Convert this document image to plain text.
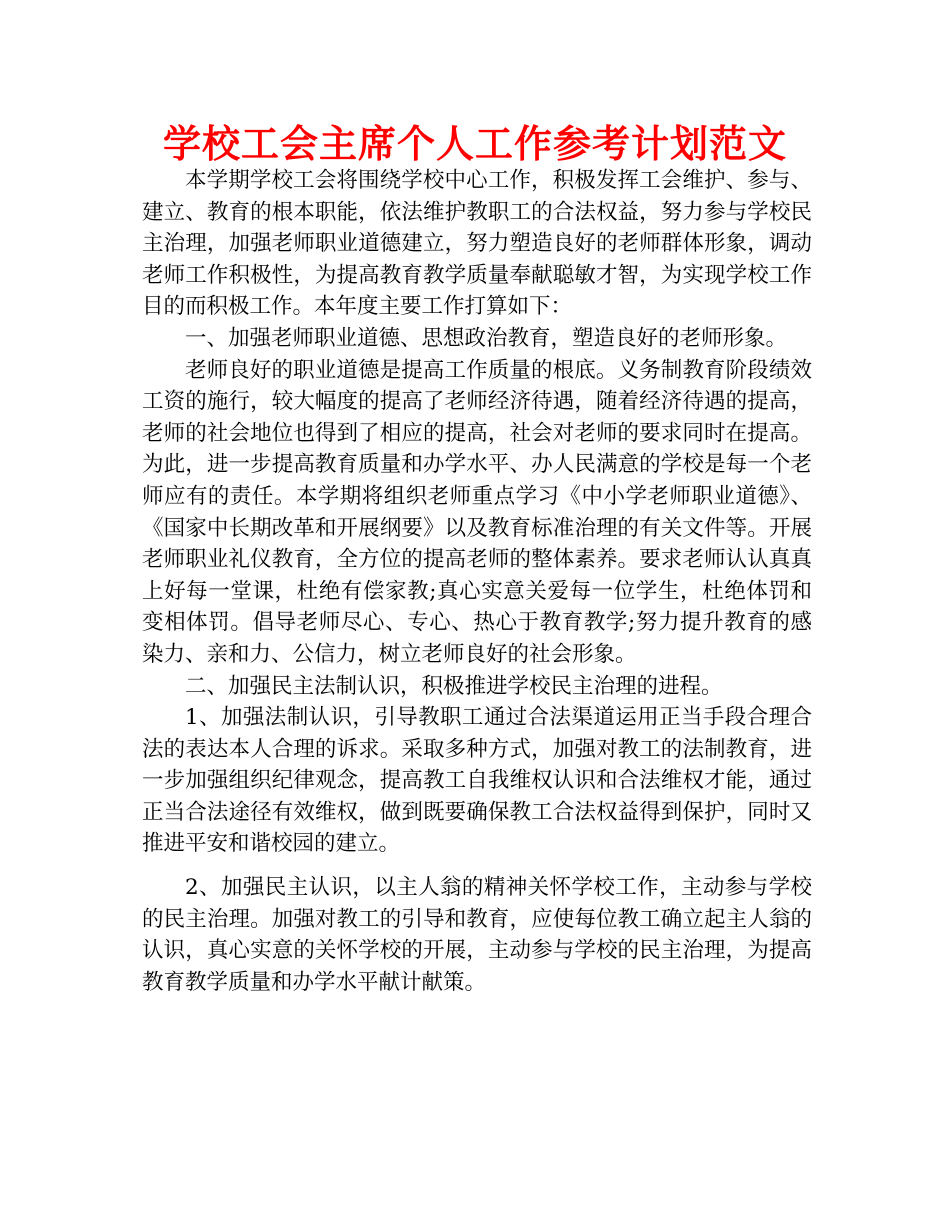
学校工会主席个人工作参考计划范文

本学期学校工会将围绕学校中心工作，积极发挥工会维护、参与、建立、教育的根本职能，依法维护教职工的合法权益，努力参与学校民主治理，加强老师职业道德建立，努力塑造良好的老师群体形象，调动老师工作积极性，为提高教育教学质量奉献聪敏才智，为实现学校工作目的而积极工作。本年度主要工作打算如下：

一、加强老师职业道德、思想政治教育，塑造良好的老师形象。

老师良好的职业道德是提高工作质量的根底。义务制教育阶段绩效工资的施行，较大幅度的提高了老师经济待遇，随着经济待遇的提高，老师的社会地位也得到了相应的提高，社会对老师的要求同时在提高。为此，进一步提高教育质量和办学水平、办人民满意的学校是每一个老师应有的责任。本学期将组织老师重点学习《中小学老师职业道德》、《国家中长期改革和开展纲要》以及教育标准治理的有关文件等。开展老师职业礼仪教育，全方位的提高老师的整体素养。要求老师认认真真上好每一堂课，杜绝有偿家教;真心实意关爱每一位学生，杜绝体罚和变相体罚。倡导老师尽心、专心、热心于教育教学;努力提升教育的感染力、亲和力、公信力，树立老师良好的社会形象。

二、加强民主法制认识，积极推进学校民主治理的进程。

1、加强法制认识，引导教职工通过合法渠道运用正当手段合理合法的表达本人合理的诉求。采取多种方式，加强对教工的法制教育，进一步加强组织纪律观念，提高教工自我维权认识和合法维权才能，通过正当合法途径有效维权，做到既要确保教工合法权益得到保护，同时又推进平安和谐校园的建立。

2、加强民主认识，以主人翁的精神关怀学校工作，主动参与学校的民主治理。加强对教工的引导和教育，应使每位教工确立起主人翁的认识，真心实意的关怀学校的开展，主动参与学校的民主治理，为提高教育教学质量和办学水平献计献策。
